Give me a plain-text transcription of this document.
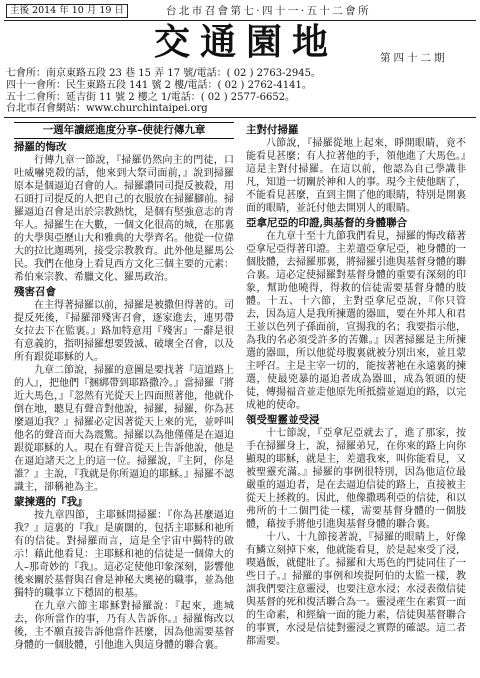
主後 2014 年 10 月 19 日	台北市召會第七·四十一·五十二會所
交通園地	第四十二期
七會所：南京東路五段 23 巷 15 弄 17 號/電話：( 02 ) 2763-2945。
四十一會所：民生東路五段 141 號 2 樓/電話：( 02 ) 2762-4141。
五十二會所：延吉街 11 號 2 樓之 1/電話：( 02 ) 2577-6652。
台北市召會網站：www.churchintaipei.org
一週年讀經進度分享–使徒行傳九章
掃羅的悔改

行傳九章一節說，『掃羅仍然向主的門徒，口吐威嚇兇殺的話，他來到大祭司面前，』說到掃羅原本是個逼迫召會的人。掃羅讚同司提反被殺，用石頭打司提反的人把自己的衣服放在掃羅腳前。掃羅逼迫召會是出於宗教熱忱，是個有堅強意志的青年人。掃羅生在大數，一個文化很高的城，在那裏的大學與亞歷山大和雅典的大學齊名。他從一位偉大的拉比迦瑪列，接受宗教教育。此外他是羅馬公民。我們在他身上看見西方文化三個主要的元素：希伯來宗教、希臘文化、羅馬政治。

殘害召會

在主得著掃羅以前，掃羅是被撒但得著的。司提反死後，『掃羅卻殘害召會，逐家進去，連男帶女拉去下在監裏。』路加特意用『殘害』一辭是很有意義的，指明掃羅想要毀滅、破壞全召會，以及所有跟從耶穌的人。

九章二節說，掃羅的意圖是要找著『這道路上的人』，把他們『捆綁帶到耶路撒冷。』當掃羅『將近大馬色，』『忽然有光從天上四面照著他，他就仆倒在地，聽見有聲音對他說，掃羅，掃羅，你為甚麼逼迫我？』掃羅必定因著從天上來的光，並呼叫他名的聲音而大為震驚。掃羅以為他僅僅是在逼迫跟從耶穌的人。現在有聲音從天上告訴他說，他是在逼迫諸天之上的這一位。掃羅說，『主阿，你是誰？』主說，『我就是你所逼迫的耶穌。』掃羅不認識主，卻稱祂為主。

蒙揀選的『我』

按九章四節，主耶穌問掃羅：『你為甚麼逼迫我？』這裏的『我』是廣闊的，包括主耶穌和祂所有的信徒。對掃羅而言，這是全宇宙中獨特的啟示！藉此他看見：主耶穌和祂的信徒是一個偉大的人–那奇妙的『我』。這必定使他印象深刻，影響他後來關於基督與召會是神秘大奧祕的職事，並為他獨特的職事立下穩固的根基。

在九章六節主耶穌對掃羅說：『起來，進城去，你所當作的事，乃有人告訴你。』掃羅悔改以後，主不願直接告訴他當作甚麼，因為他需要基督身體的一個肢體，引他進入與這身體的聯合裏。

主對付掃羅

八節說，『掃羅從地上起來，睜開眼睛，竟不能看見甚麼；有人拉著他的手，領他進了大馬色。』這是主對付掃羅。在這以前，他認為自己學識非凡，知道一切關於神和人的事。現今主使他瞎了，不能看見甚麼，直到主開了他的眼睛，特別是開裏面的眼睛，並託付他去開別人的眼睛。

亞拿尼亞的印證,與基督的身體聯合

在九章十至十九節我們看見，掃羅的悔改藉著亞拿尼亞得著印證。主差遣亞拿尼亞，祂身體的一個肢體，去掃羅那裏，將掃羅引進與基督身體的聯合裏。這必定使掃羅對基督身體的重要有深刻的印象，幫助他曉得，得救的信徒需要基督身體的肢體。十五、十六節，主對亞拿尼亞說，『你只管去，因為這人是我所揀選的器皿，要在外邦人和君王並以色列子孫面前，宣揚我的名；我要指示他，為我的名必須受許多的苦難。』因著掃羅是主所揀選的器皿，所以他從母腹裏就被分別出來，並且蒙主呼召。主是主宰一切的，能按著祂在永遠裏的揀選，使最兇暴的逼迫者成為器皿，成為領頭的使徒，傳揚福音並走他原先所抵擋並逼迫的路，以完成祂的使命。

領受聖靈並受浸

十七節說，『亞拿尼亞就去了，進了那家，按手在掃羅身上，說，掃羅弟兄，在你來的路上向你顯現的耶穌，就是主，差遣我來，叫你能看見，又被聖靈充滿。』掃羅的事例很特別，因為他這位最嚴重的逼迫者，是在去逼迫信徒的路上，直接被主從天上拯救的。因此，他像撒瑪利亞的信徒，和以弗所的十二個門徒一樣，需要基督身體的一個肢體，藉按手將他引進與基督身體的聯合裏。

十八、十九節接著說，『掃羅的眼睛上，好像有鱗立刻掉下來，他就能看見，於是起來受了浸，喫過飯，就健壯了。掃羅和大馬色的門徒同住了一些日子。』掃羅的事例和埃提阿伯的太監一樣，教訓我們要注意靈浸，也要注意水浸；水浸表徵信徒與基督的死和復活聯合為一。靈浸產生在素質一面的生命素，和經綸一面的能力素，信徒與基督聯合的事實，水浸是信徒對靈浸之實際的確認。這二者都需要。
